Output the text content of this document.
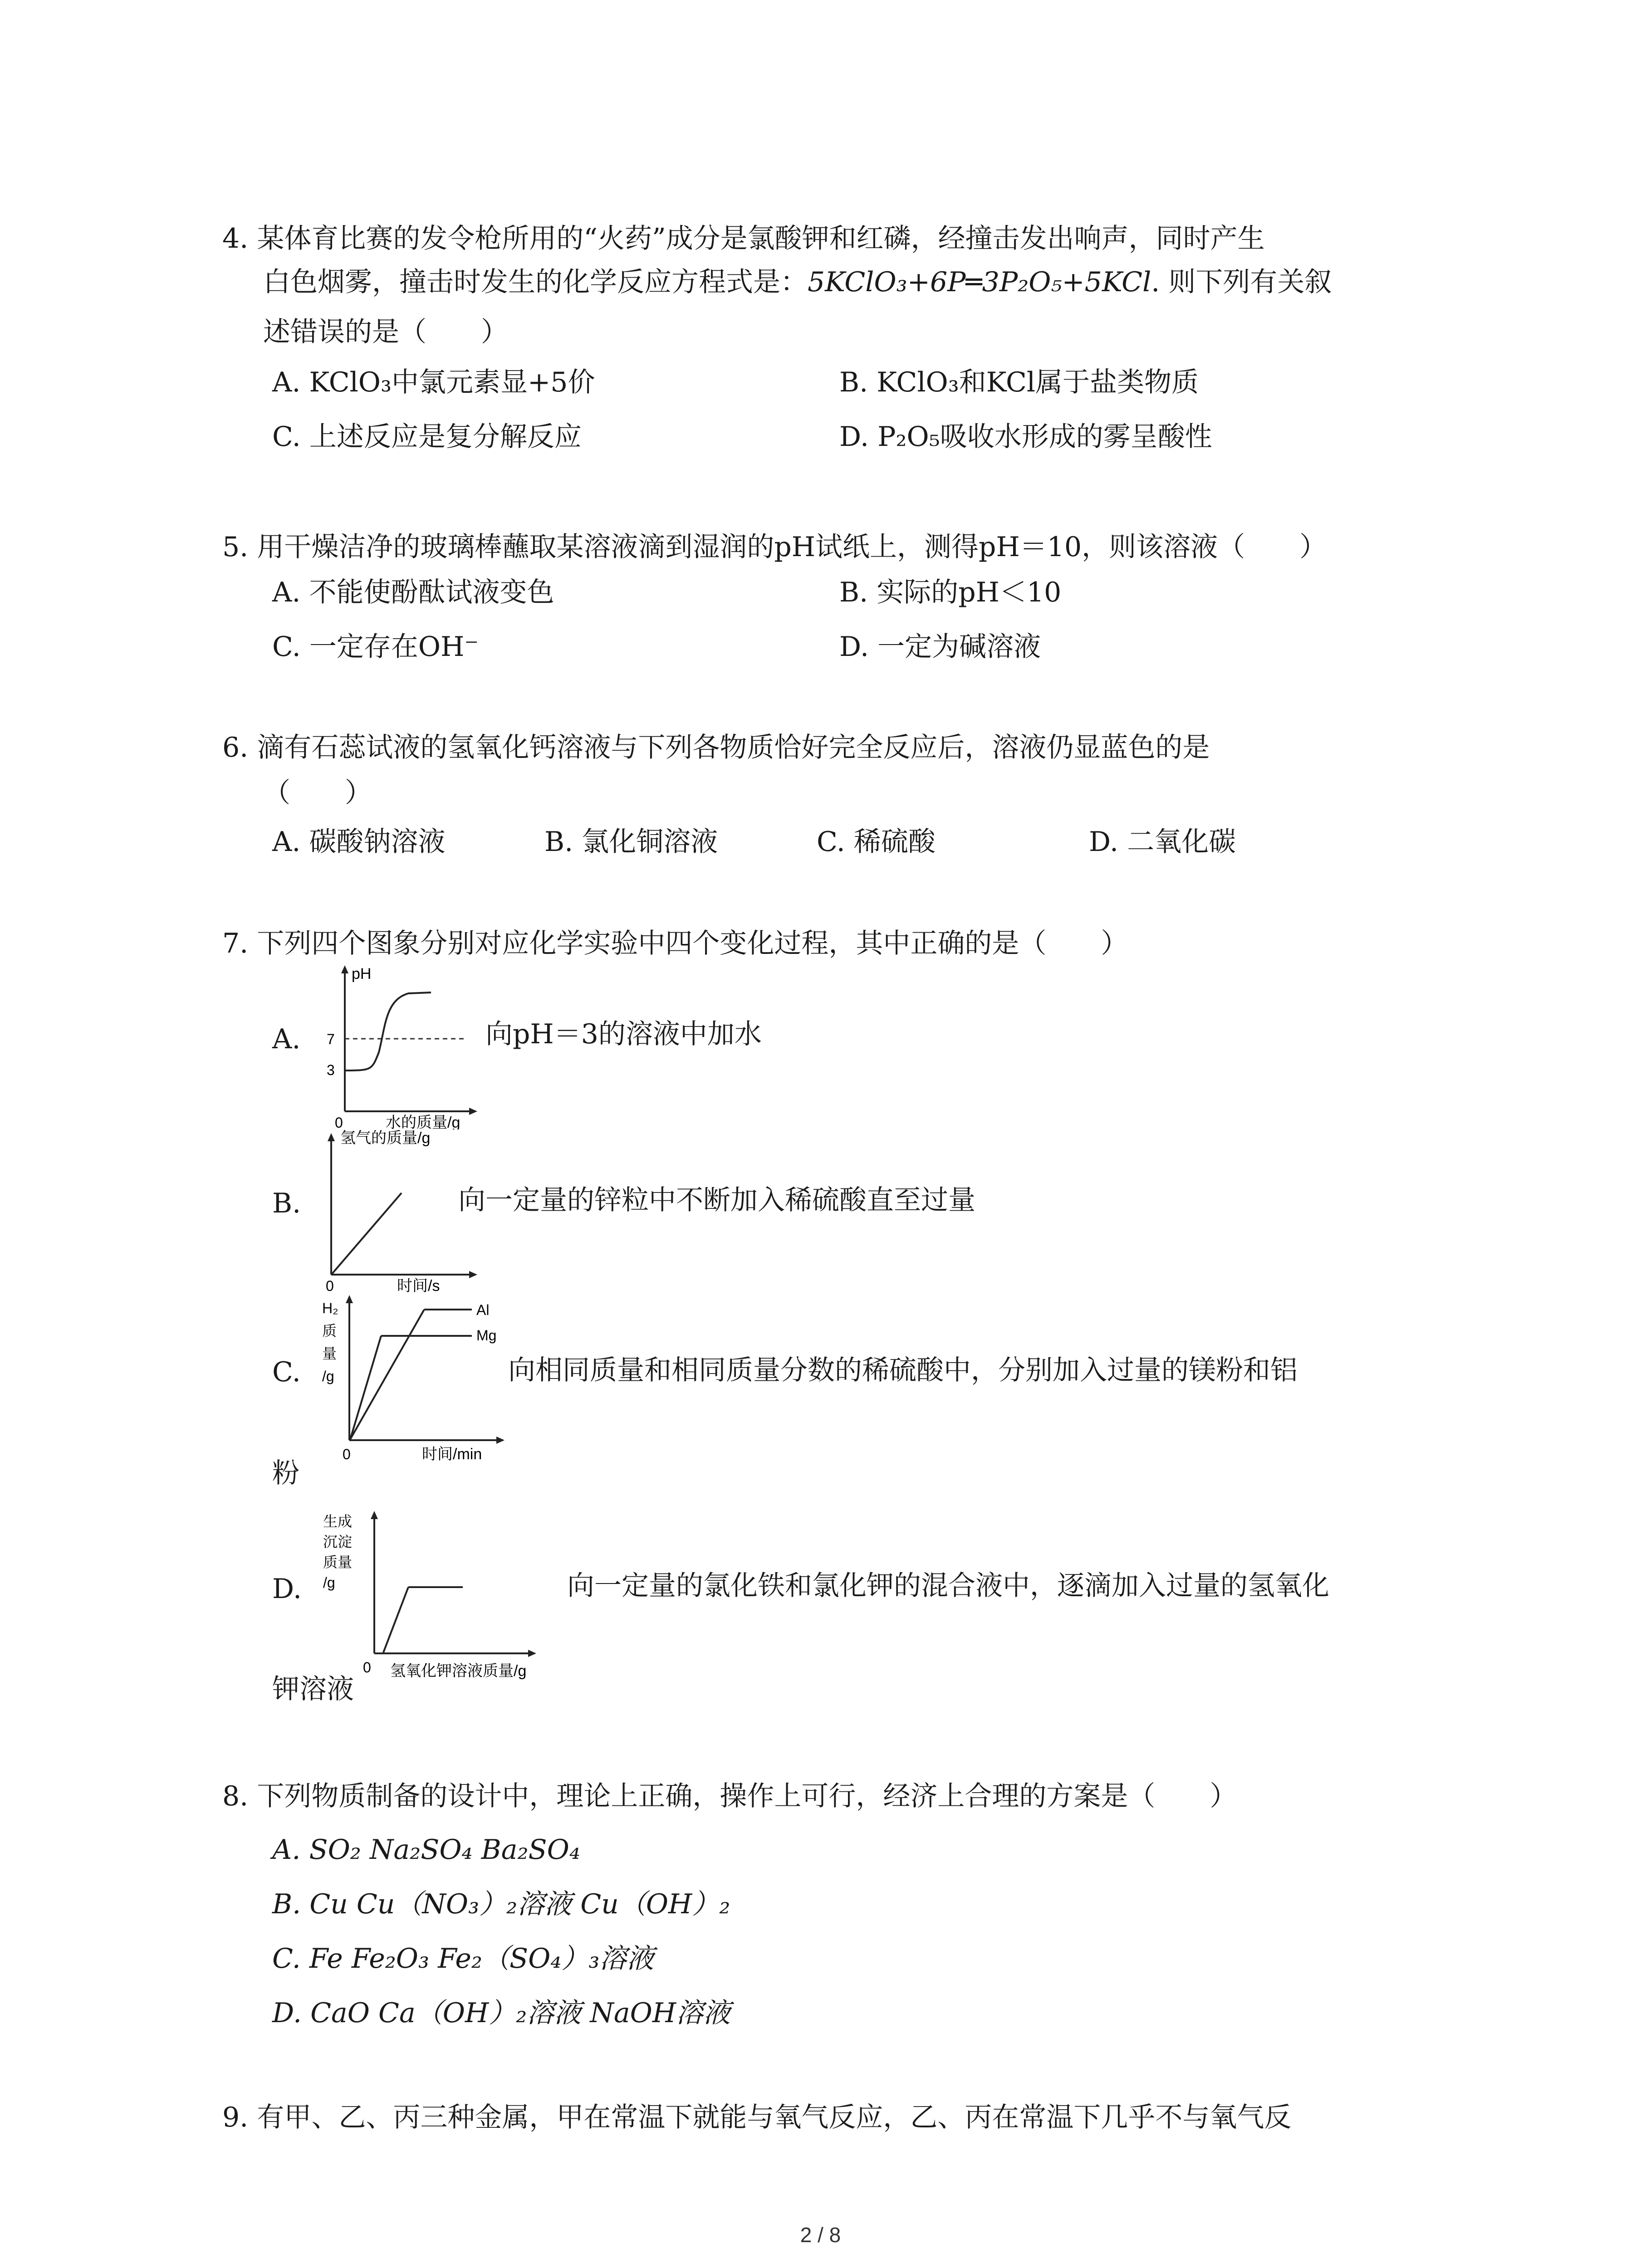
4. 某体育比赛的发令枪所用的“火药”成分是氯酸钾和红磷，经撞击发出响声，同时产生
白色烟雾，撞击时发生的化学反应方程式是：5KClO₃+6P═3P₂O₅+5KCl. 则下列有关叙
述错误的是（　　）
A. KClO₃中氯元素显+5价	B. KClO₃和KCl属于盐类物质
C. 上述反应是复分解反应	D. P₂O₅吸收水形成的雾呈酸性
5. 用干燥洁净的玻璃棒蘸取某溶液滴到湿润的pH试纸上，测得pH＝10，则该溶液（　　）
A. 不能使酚酞试液变色	B. 实际的pH＜10
C. 一定存在OH⁻	D. 一定为碱溶液
6. 滴有石蕊试液的氢氧化钙溶液与下列各物质恰好完全反应后，溶液仍显蓝色的是
（　　）
A. 碳酸钠溶液	B. 氯化铜溶液	C. 稀硫酸	D. 二氧化碳
7. 下列四个图象分别对应化学实验中四个变化过程，其中正确的是（　　）
A.
pH
7
3
0	水的质量/g
向pH＝3的溶液中加水
B.
氢气的质量/g
0	时间/s
向一定量的锌粒中不断加入稀硫酸直至过量
C.
Al
Mg
H₂
质
量
/g
0	时间/min
向相同质量和相同质量分数的稀硫酸中，分别加入过量的镁粉和铝
粉
D.
生成
沉淀
质量
/g
0 氢氧化钾溶液质量/g
向一定量的氯化铁和氯化钾的混合液中，逐滴加入过量的氢氧化
钾溶液
8. 下列物质制备的设计中，理论上正确，操作上可行，经济上合理的方案是（　　）
A. SO₂ Na₂SO₄ Ba₂SO₄
B. Cu Cu（NO₃）₂溶液 Cu（OH）₂
C. Fe Fe₂O₃ Fe₂（SO₄）₃溶液
D. CaO Ca（OH）₂溶液 NaOH溶液
9. 有甲、乙、丙三种金属，甲在常温下就能与氧气反应，乙、丙在常温下几乎不与氧气反
2 / 8
